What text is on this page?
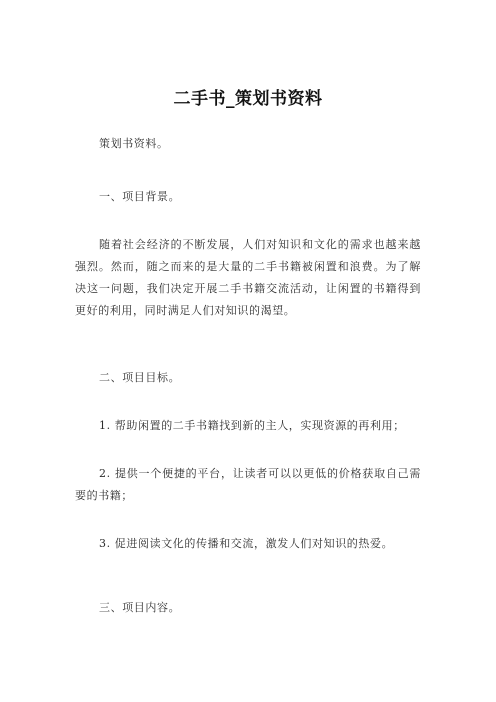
二手书_策划书资料

策划书资料。

一、项目背景。

随着社会经济的不断发展，人们对知识和文化的需求也越来越强烈。然而，随之而来的是大量的二手书籍被闲置和浪费。为了解决这一问题，我们决定开展二手书籍交流活动，让闲置的书籍得到更好的利用，同时满足人们对知识的渴望。

二、项目目标。

1. 帮助闲置的二手书籍找到新的主人，实现资源的再利用；

2. 提供一个便捷的平台，让读者可以以更低的价格获取自己需要的书籍；

3. 促进阅读文化的传播和交流，激发人们对知识的热爱。

三、项目内容。
